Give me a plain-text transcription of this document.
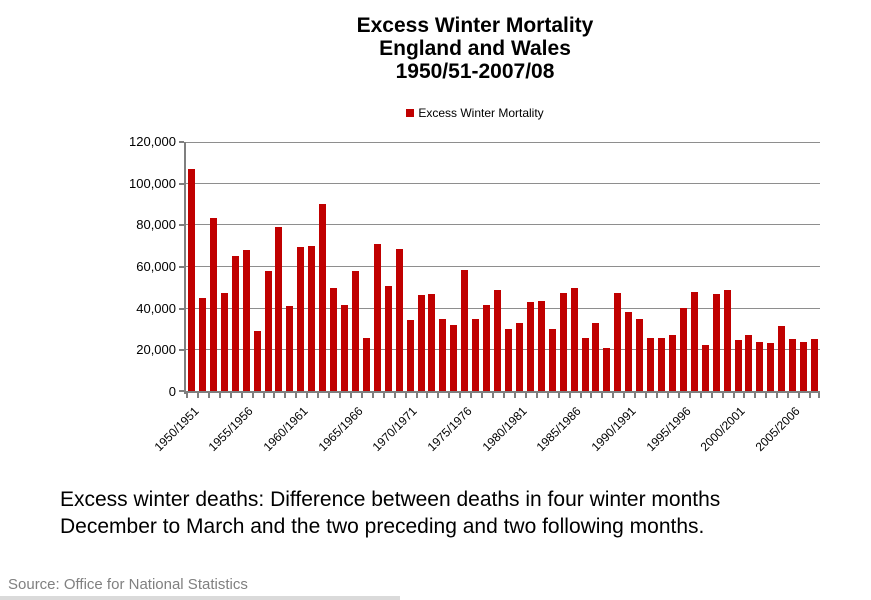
Excess Winter Mortality
England and Wales
1950/51-2007/08
Excess Winter Mortality
0
20,000
40,000
60,000
80,000
100,000
120,000
1950/1951 1955/1956 1960/1961 1965/1966 1970/1971 1975/1976 1980/1981 1985/1986 1990/1991 1995/1996 2000/2001 2005/2006
Excess winter deaths: Difference between deaths in four winter months
December to March and the two preceding and two following months.
Source: Office for National Statistics
